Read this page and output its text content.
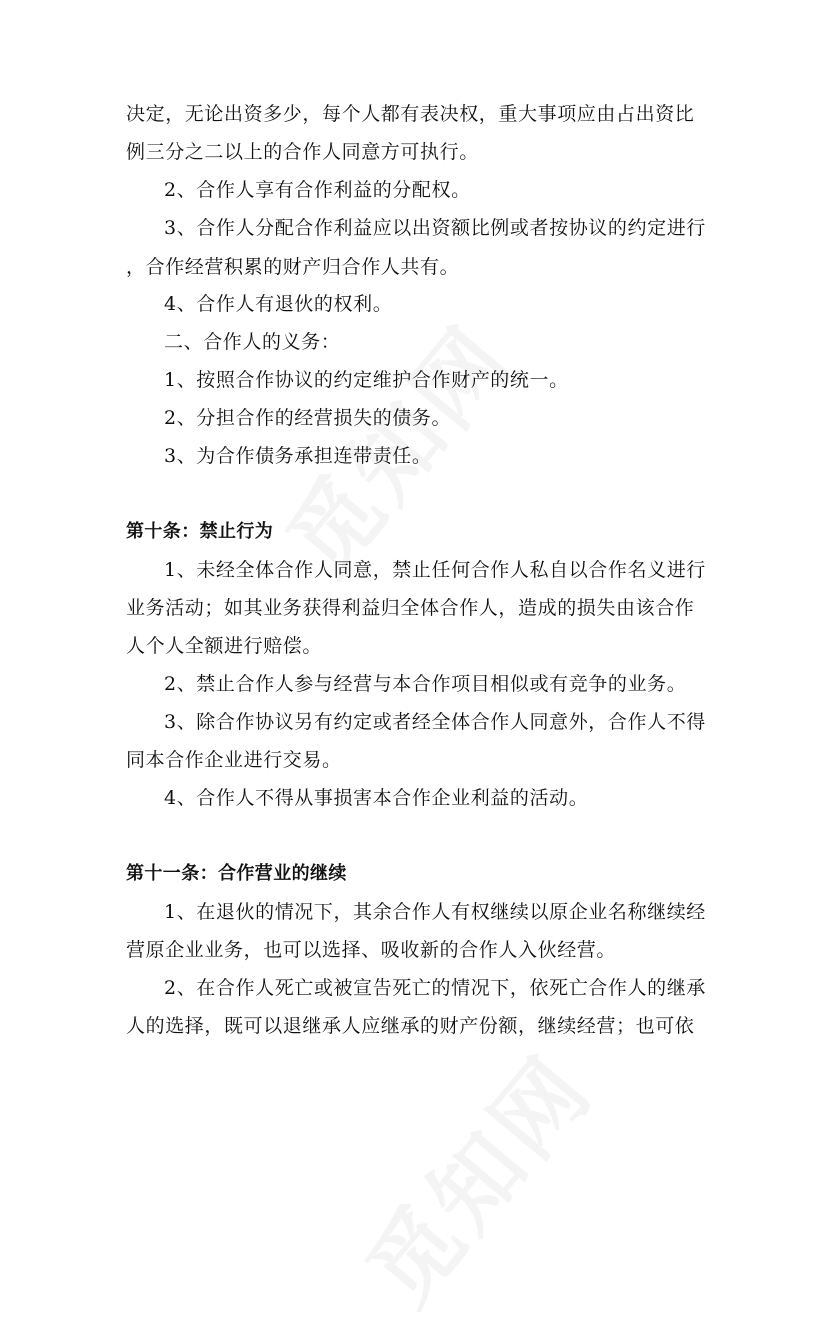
决定，无论出资多少，每个人都有表决权，重大事项应由占出资比
例三分之二以上的合作人同意方可执行。
2、合作人享有合作利益的分配权。
3、合作人分配合作利益应以出资额比例或者按协议的约定进行
，合作经营积累的财产归合作人共有。
4、合作人有退伙的权利。
二、合作人的义务：
1、按照合作协议的约定维护合作财产的统一。
2、分担合作的经营损失的债务。
3、为合作债务承担连带责任。
第十条：禁止行为
1、未经全体合作人同意，禁止任何合作人私自以合作名义进行
业务活动；如其业务获得利益归全体合作人，造成的损失由该合作
人个人全额进行赔偿。
2、禁止合作人参与经营与本合作项目相似或有竞争的业务。
3、除合作协议另有约定或者经全体合作人同意外，合作人不得
同本合作企业进行交易。
4、合作人不得从事损害本合作企业利益的活动。
第十一条：合作营业的继续
1、在退伙的情况下，其余合作人有权继续以原企业名称继续经
营原企业业务，也可以选择、吸收新的合作人入伙经营。
2、在合作人死亡或被宣告死亡的情况下，依死亡合作人的继承
人的选择，既可以退继承人应继承的财产份额，继续经营；也可依
